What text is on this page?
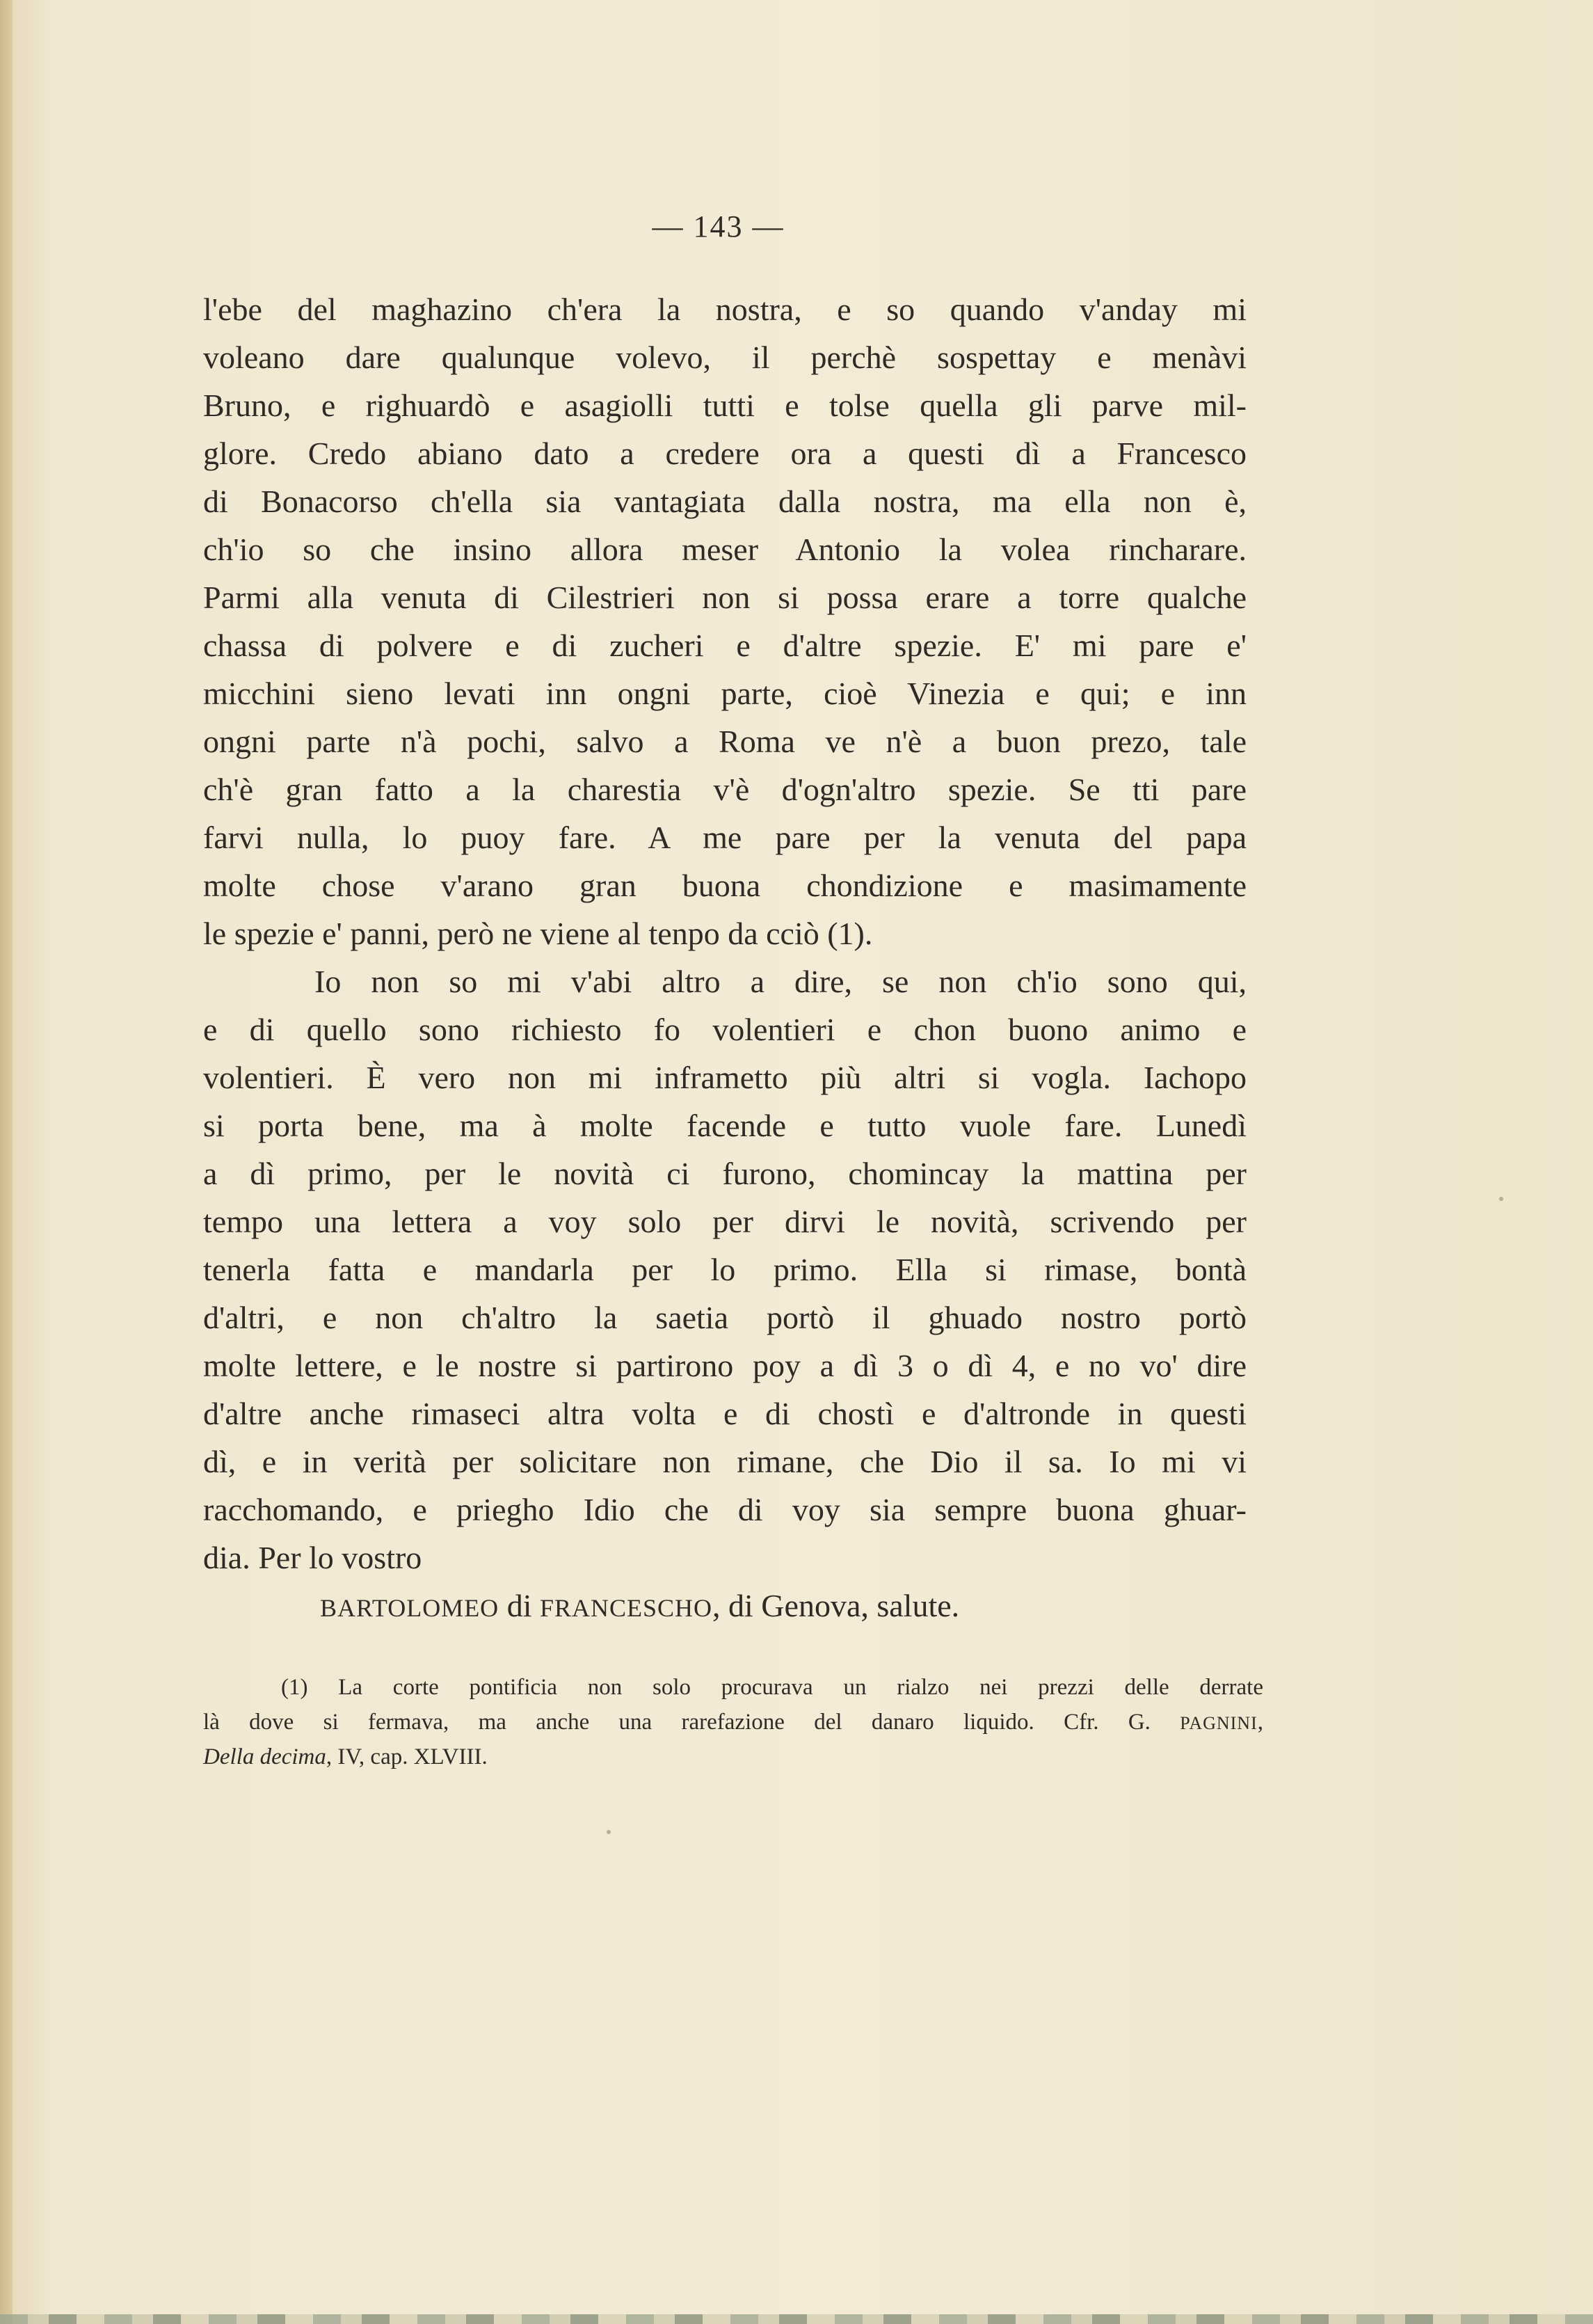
— 143 —
l'ebe del maghazino ch'era la nostra, e so quando v'anday mi
voleano dare qualunque volevo, il perchè sospettay e menàvi
Bruno, e righuardò e asagiolli tutti e tolse quella gli parve mil-
glore. Credo abiano dato a credere ora a questi dì a Francesco
di Bonacorso ch'ella sia vantagiata dalla nostra, ma ella non è,
ch'io so che insino allora meser Antonio la volea rincharare.
Parmi alla venuta di Cilestrieri non si possa erare a torre qualche
chassa di polvere e di zucheri e d'altre spezie. E' mi pare e'
micchini sieno levati inn ongni parte, cioè Vinezia e qui; e inn
ongni parte n'à pochi, salvo a Roma ve n'è a buon prezo, tale
ch'è gran fatto a la charestia v'è d'ogn'altro spezie. Se tti pare
farvi nulla, lo puoy fare. A me pare per la venuta del papa
molte chose v'arano gran buona chondizione e masimamente
le spezie e' panni, però ne viene al tenpo da cciò (1).
Io non so mi v'abi altro a dire, se non ch'io sono qui,
e di quello sono richiesto fo volentieri e chon buono animo e
volentieri. È vero non mi inframetto più altri si vogla. Iachopo
si porta bene, ma à molte facende e tutto vuole fare. Lunedì
a dì primo, per le novità ci furono, chomincay la mattina per
tempo una lettera a voy solo per dirvi le novità, scrivendo per
tenerla fatta e mandarla per lo primo. Ella si rimase, bontà
d'altri, e non ch'altro la saetia portò il ghuado nostro portò
molte lettere, e le nostre si partirono poy a dì 3 o dì 4, e no vo' dire
d'altre anche rimaseci altra volta e di chostì e d'altronde in questi
dì, e in verità per solicitare non rimane, che Dio il sa. Io mi vi
racchomando, e priegho Idio che di voy sia sempre buona ghuar-
dia. Per lo vostro
BARTOLOMEO di FRANCESCHO, di Genova, salute.
(1) La corte pontificia non solo procurava un rialzo nei prezzi delle derrate
là dove si fermava, ma anche una rarefazione del danaro liquido. Cfr. G. PAGNINI,
Della decima, IV, cap. XLVIII.
